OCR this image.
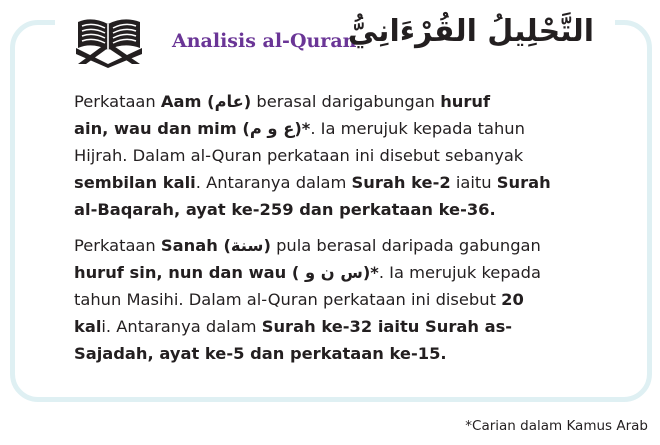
Analisis al-Quran
التَّحْلِيلُ القُرْءَانِيُّ
Perkataan Aam (عام) berasal darigabungan huruf
ain, wau dan mim (ع و م)*. Ia merujuk kepada tahun
Hijrah. Dalam al-Quran perkataan ini disebut sebanyak
sembilan kali. Antaranya dalam Surah ke-2 iaitu Surah
al-Baqarah, ayat ke-259 dan perkataan ke-36.
Perkataan Sanah (سنة) pula berasal daripada gabungan
huruf sin, nun dan wau ( س ن و)*. Ia merujuk kepada
tahun Masihi. Dalam al-Quran perkataan ini disebut 20
kali. Antaranya dalam Surah ke-32 iaitu Surah as-
Sajadah, ayat ke-5 dan perkataan ke-15.
*Carian dalam Kamus Arab
